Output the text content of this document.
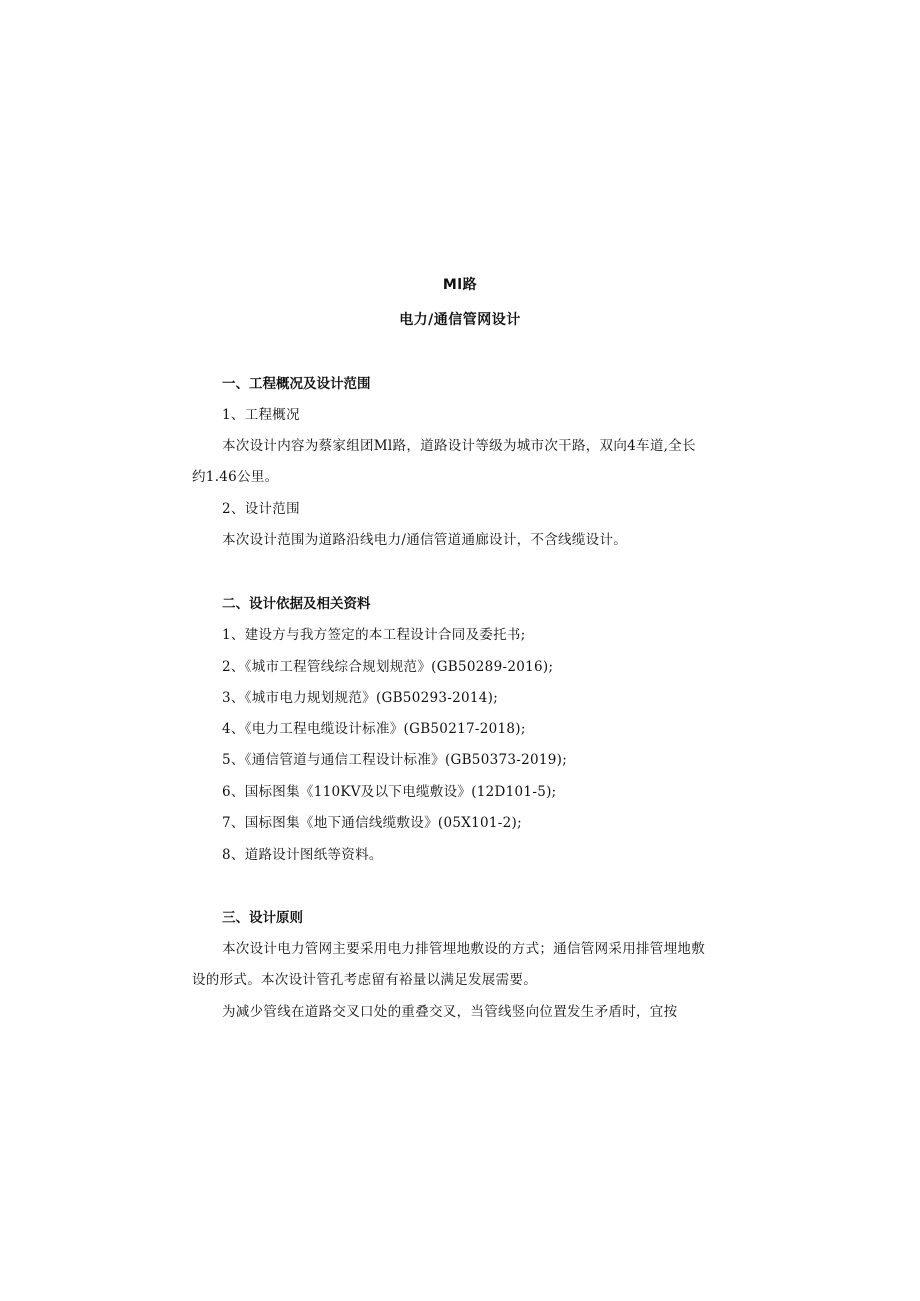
Ml路
电力/通信管网设计
一、工程概况及设计范围
1、工程概况
本次设计内容为蔡家组团Ml路，道路设计等级为城市次干路，双向4车道,全长
约1.46公里。
2、设计范围
本次设计范围为道路沿线电力/通信管道通廊设计，不含线缆设计。
二、设计依据及相关资料
1、建设方与我方签定的本工程设计合同及委托书;
2、《城市工程管线综合规划规范》(GB50289-2016);
3、《城市电力规划规范》(GB50293-2014);
4、《电力工程电缆设计标准》(GB50217-2018);
5、《通信管道与通信工程设计标准》(GB50373-2019);
6、国标图集《110KV及以下电缆敷设》(12D101-5);
7、国标图集《地下通信线缆敷设》(05X101-2);
8、道路设计图纸等资料。
三、设计原则
本次设计电力管网主要采用电力排管埋地敷设的方式；通信管网采用排管埋地敷
设的形式。本次设计管孔考虑留有裕量以满足发展需要。
为减少管线在道路交叉口处的重叠交叉，当管线竖向位置发生矛盾时，宜按
